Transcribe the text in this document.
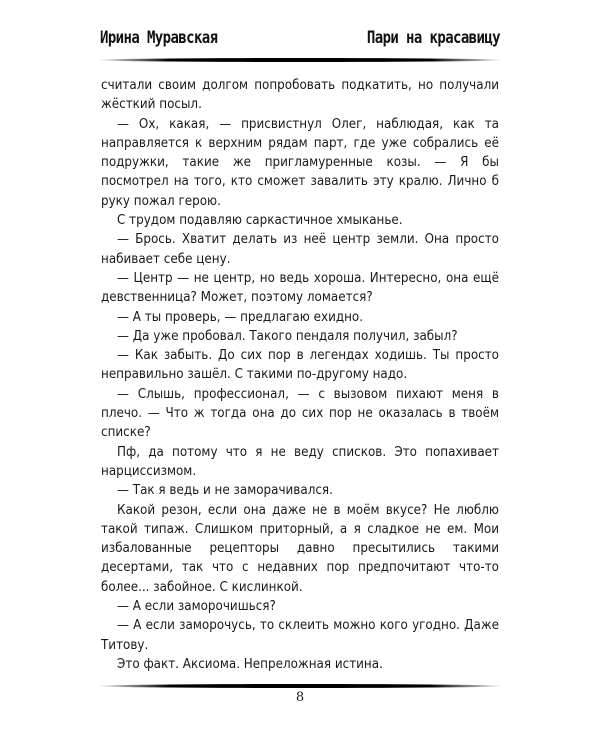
Ирина Муравская	Пари на красавицу

считали своим долгом попробовать подкатить, но получали жёсткий посыл.

— Ох, какая, — присвистнул Олег, наблюдая, как та направляется к верхним рядам парт, где уже собрались её подружки, такие же пригламуренные козы. — Я бы посмотрел на того, кто сможет завалить эту кралю. Лично б руку пожал герою.

С трудом подавляю саркастичное хмыканье.

— Брось. Хватит делать из неё центр земли. Она просто набивает себе цену.

— Центр — не центр, но ведь хороша. Интересно, она ещё девственница? Может, поэтому ломается?

— А ты проверь, — предлагаю ехидно.

— Да уже пробовал. Такого пендаля получил, забыл?

— Как забыть. До сих пор в легендах ходишь. Ты просто неправильно зашёл. С такими по-другому надо.

— Слышь, профессионал, — с вызовом пихают меня в плечо. — Что ж тогда она до сих пор не оказалась в твоём списке?

Пф, да потому что я не веду списков. Это попахивает нарциссизмом.

— Так я ведь и не заморачивался.

Какой резон, если она даже не в моём вкусе? Не люблю такой типаж. Слишком приторный, а я сладкое не ем. Мои избалованные рецепторы давно пресытились такими десертами, так что с недавних пор предпочитают что-то более... забойное. С кислинкой.

— А если заморочишься?

— А если заморочусь, то склеить можно кого угодно. Даже Титову.

Это факт. Аксиома. Непреложная истина.

8
